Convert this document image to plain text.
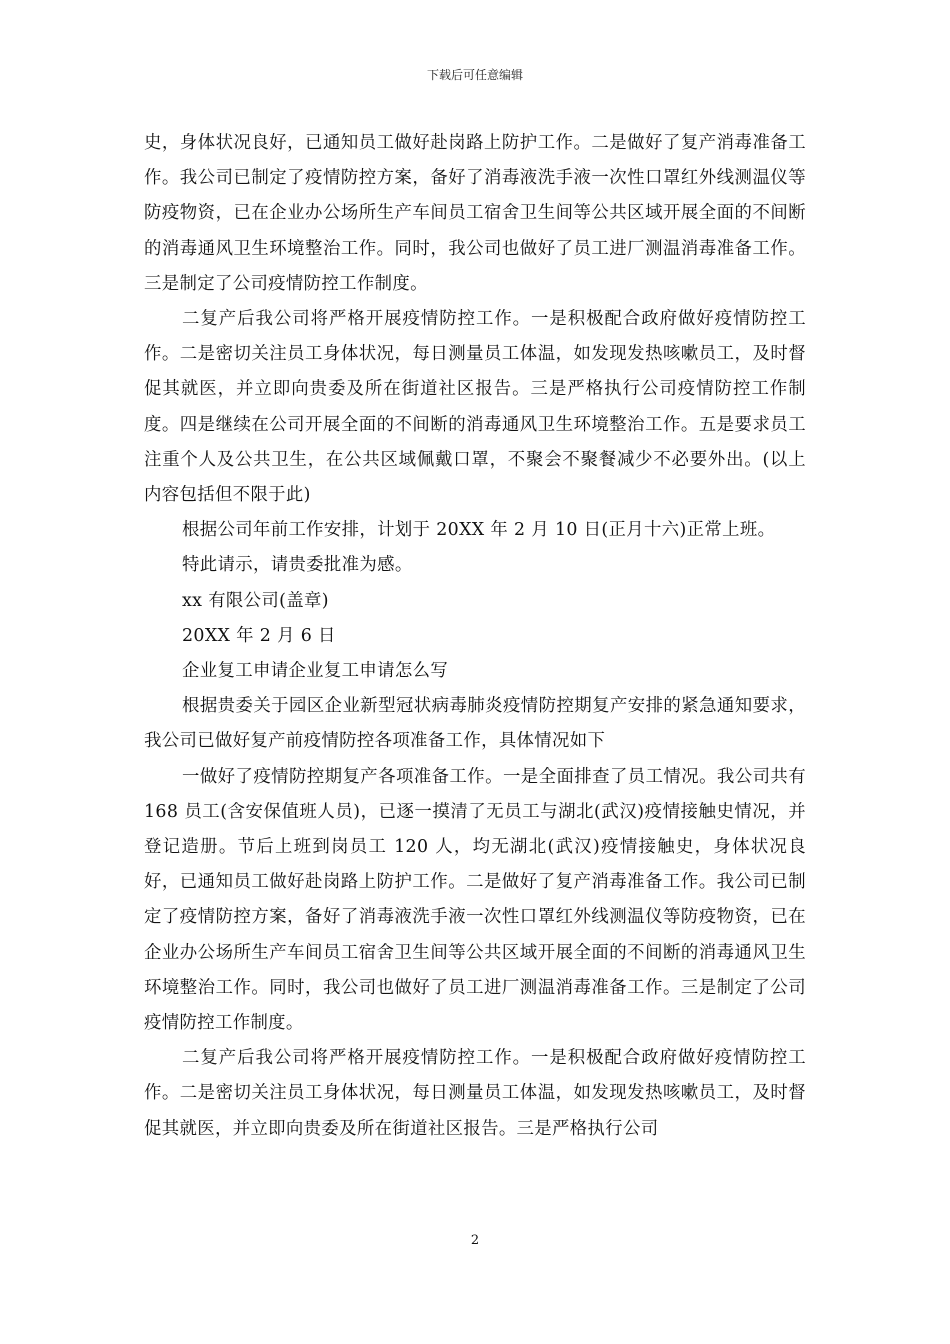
下载后可任意编辑

史，身体状况良好，已通知员工做好赴岗路上防护工作。二是做好了复产消毒准备工作。我公司已制定了疫情防控方案，备好了消毒液洗手液一次性口罩红外线测温仪等防疫物资，已在企业办公场所生产车间员工宿舍卫生间等公共区域开展全面的不间断的消毒通风卫生环境整治工作。同时，我公司也做好了员工进厂测温消毒准备工作。三是制定了公司疫情防控工作制度。

二复产后我公司将严格开展疫情防控工作。一是积极配合政府做好疫情防控工作。二是密切关注员工身体状况，每日测量员工体温，如发现发热咳嗽员工，及时督促其就医，并立即向贵委及所在街道社区报告。三是严格执行公司疫情防控工作制度。四是继续在公司开展全面的不间断的消毒通风卫生环境整治工作。五是要求员工注重个人及公共卫生，在公共区域佩戴口罩，不聚会不聚餐减少不必要外出。(以上内容包括但不限于此)

根据公司年前工作安排，计划于 20XX 年 2 月 10 日(正月十六)正常上班。

特此请示，请贵委批准为感。

xx 有限公司(盖章)

20XX 年 2 月 6 日

企业复工申请企业复工申请怎么写

根据贵委关于园区企业新型冠状病毒肺炎疫情防控期复产安排的紧急通知要求，我公司已做好复产前疫情防控各项准备工作，具体情况如下

一做好了疫情防控期复产各项准备工作。一是全面排查了员工情况。我公司共有 168 员工(含安保值班人员)，已逐一摸清了无员工与湖北(武汉)疫情接触史情况，并登记造册。节后上班到岗员工 120 人，均无湖北(武汉)疫情接触史，身体状况良好，已通知员工做好赴岗路上防护工作。二是做好了复产消毒准备工作。我公司已制定了疫情防控方案，备好了消毒液洗手液一次性口罩红外线测温仪等防疫物资，已在企业办公场所生产车间员工宿舍卫生间等公共区域开展全面的不间断的消毒通风卫生环境整治工作。同时，我公司也做好了员工进厂测温消毒准备工作。三是制定了公司疫情防控工作制度。

二复产后我公司将严格开展疫情防控工作。一是积极配合政府做好疫情防控工作。二是密切关注员工身体状况，每日测量员工体温，如发现发热咳嗽员工，及时督促其就医，并立即向贵委及所在街道社区报告。三是严格执行公司

2
